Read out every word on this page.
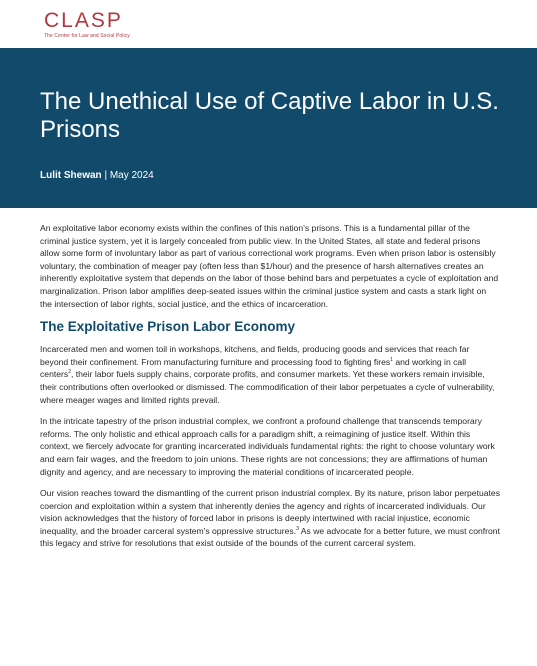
CLASP
The Center for Law and Social Policy
The Unethical Use of Captive Labor in U.S. Prisons
Lulit Shewan | May 2024

An exploitative labor economy exists within the confines of this nation's prisons. This is a fundamental pillar of the criminal justice system, yet it is largely concealed from public view. In the United States, all state and federal prisons allow some form of involuntary labor as part of various correctional work programs. Even when prison labor is ostensibly voluntary, the combination of meager pay (often less than $1/hour) and the presence of harsh alternatives creates an inherently exploitative system that depends on the labor of those behind bars and perpetuates a cycle of exploitation and marginalization. Prison labor amplifies deep-seated issues within the criminal justice system and casts a stark light on the intersection of labor rights, social justice, and the ethics of incarceration.

The Exploitative Prison Labor Economy

Incarcerated men and women toil in workshops, kitchens, and fields, producing goods and services that reach far beyond their confinement. From manufacturing furniture and processing food to fighting fires$^1$ and working in call centers$^2$, their labor fuels supply chains, corporate profits, and consumer markets. Yet these workers remain invisible, their contributions often overlooked or dismissed. The commodification of their labor perpetuates a cycle of vulnerability, where meager wages and limited rights prevail.

In the intricate tapestry of the prison industrial complex, we confront a profound challenge that transcends temporary reforms. The only holistic and ethical approach calls for a paradigm shift, a reimagining of justice itself. Within this context, we fiercely advocate for granting incarcerated individuals fundamental rights: the right to choose voluntary work and earn fair wages, and the freedom to join unions. These rights are not concessions; they are affirmations of human dignity and agency, and are necessary to improving the material conditions of incarcerated people.

Our vision reaches toward the dismantling of the current prison industrial complex. By its nature, prison labor perpetuates coercion and exploitation within a system that inherently denies the agency and rights of incarcerated individuals. Our vision acknowledges that the history of forced labor in prisons is deeply intertwined with racial injustice, economic inequality, and the broader carceral system's oppressive structures.$^3$ As we advocate for a better future, we must confront this legacy and strive for resolutions that exist outside of the bounds of the current carceral system.
